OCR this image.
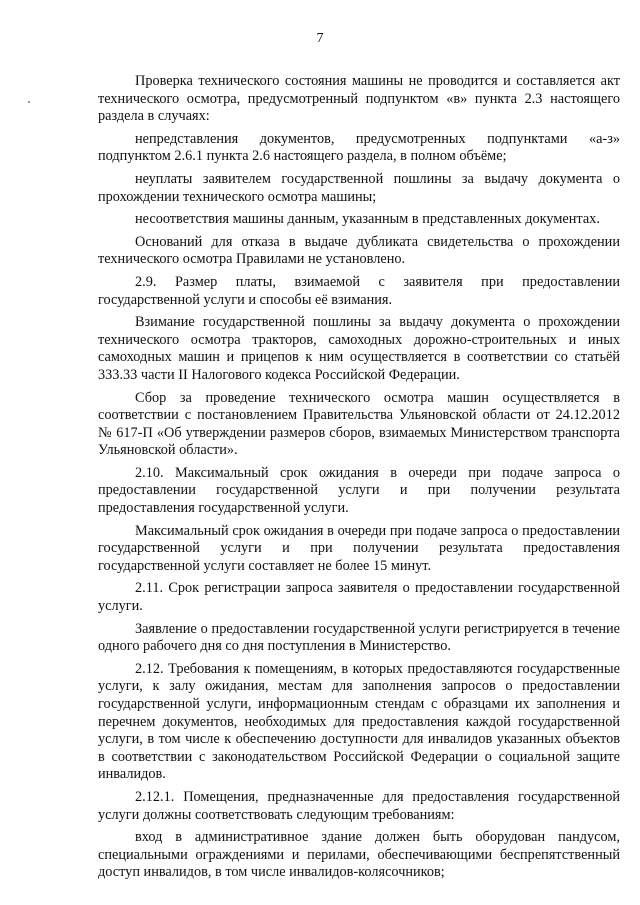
7

Проверка технического состояния машины не проводится и составляется акт технического осмотра, предусмотренный подпунктом «в» пункта 2.3 настоящего раздела в случаях:

непредставления документов, предусмотренных подпунктами «а-з» подпунктом 2.6.1 пункта 2.6 настоящего раздела, в полном объёме;

неуплаты заявителем государственной пошлины за выдачу документа о прохождении технического осмотра машины;

несоответствия машины данным, указанным в представленных документах.

Оснований для отказа в выдаче дубликата свидетельства о прохождении технического осмотра Правилами не установлено.

2.9. Размер платы, взимаемой с заявителя при предоставлении государственной услуги и способы её взимания.

Взимание государственной пошлины за выдачу документа о прохождении технического осмотра тракторов, самоходных дорожно-строительных и иных самоходных машин и прицепов к ним осуществляется в соответствии со статьёй 333.33 части II Налогового кодекса Российской Федерации.

Сбор за проведение технического осмотра машин осуществляется в соответствии с постановлением Правительства Ульяновской области от 24.12.2012 № 617-П «Об утверждении размеров сборов, взимаемых Министерством транспорта Ульяновской области».

2.10. Максимальный срок ожидания в очереди при подаче запроса о предоставлении государственной услуги и при получении результата предоставления государственной услуги.

Максимальный срок ожидания в очереди при подаче запроса о предоставлении государственной услуги и при получении результата предоставления государственной услуги составляет не более 15 минут.

2.11. Срок регистрации запроса заявителя о предоставлении государственной услуги.

Заявление о предоставлении государственной услуги регистрируется в течение одного рабочего дня со дня поступления в Министерство.

2.12. Требования к помещениям, в которых предоставляются государственные услуги, к залу ожидания, местам для заполнения запросов о предоставлении государственной услуги, информационным стендам с образцами их заполнения и перечнем документов, необходимых для предоставления каждой государственной услуги, в том числе к обеспечению доступности для инвалидов указанных объектов в соответствии с законодательством Российской Федерации о социальной защите инвалидов.

2.12.1. Помещения, предназначенные для предоставления государственной услуги должны соответствовать следующим требованиям:

вход в административное здание должен быть оборудован пандусом, специальными ограждениями и перилами, обеспечивающими беспрепятственный доступ инвалидов, в том числе инвалидов-колясочников;
